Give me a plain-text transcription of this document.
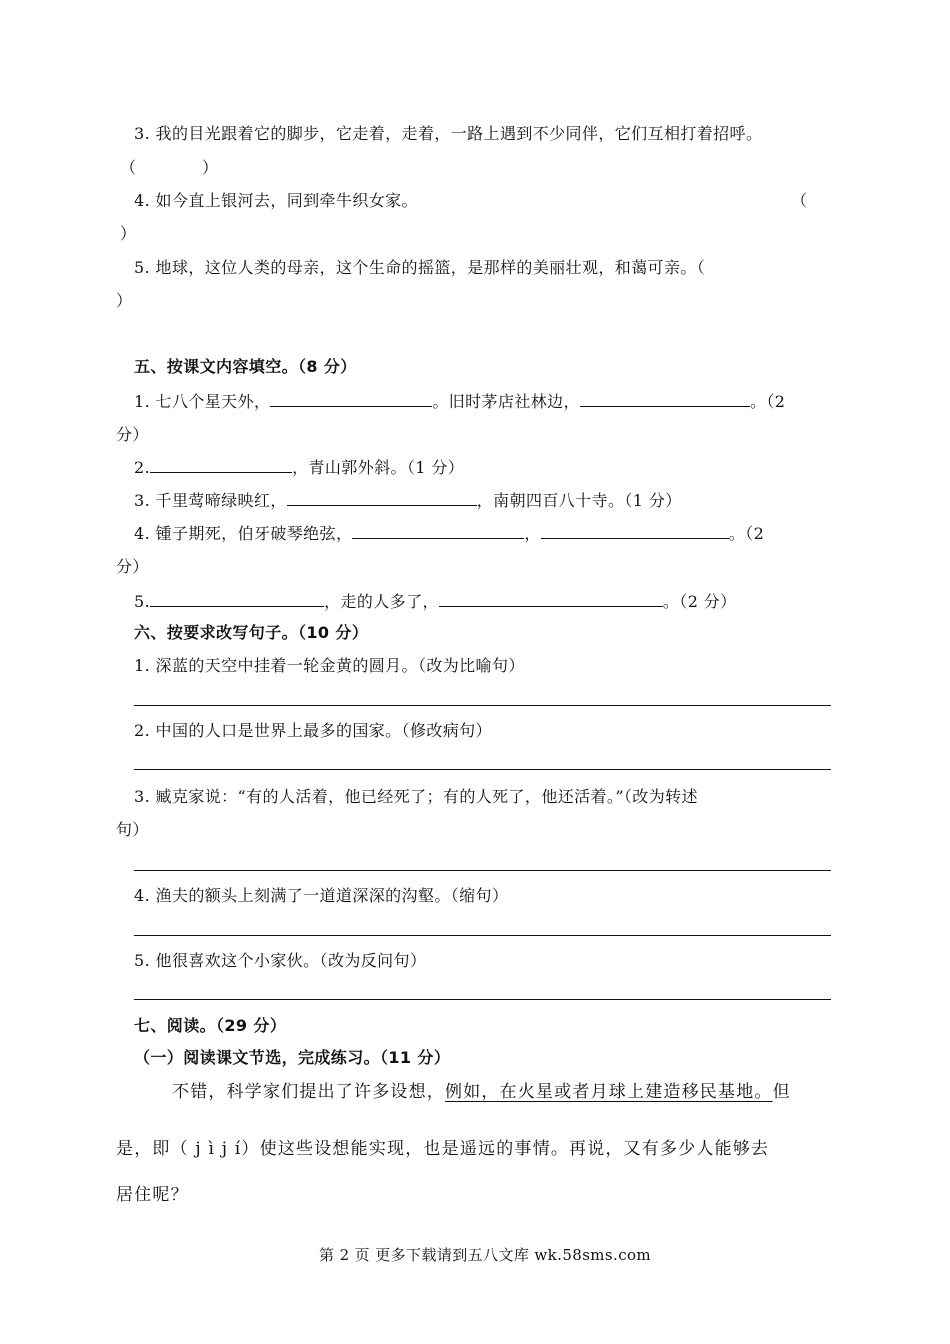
3. 我的目光跟着它的脚步，它走着，走着，一路上遇到不少同伴，它们互相打着招呼。
（　　　　）
4. 如今直上银河去，同到牵牛织女家。	（
）
5. 地球，这位人类的母亲，这个生命的摇篮，是那样的美丽壮观，和蔼可亲。（
）
五、按课文内容填空。（8 分）
1. 七八个星天外，	。旧时茅店社林边，	。（2
分）
2.	，青山郭外斜。（1 分）
3. 千里莺啼绿映红，	，南朝四百八十寺。（1 分）
4. 锺子期死，伯牙破琴绝弦，	，	。（2
分）
5.	，走的人多了，	。（2 分）
六、按要求改写句子。（10 分）
1. 深蓝的天空中挂着一轮金黄的圆月。（改为比喻句）
2. 中国的人口是世界上最多的国家。（修改病句）
3. 臧克家说：“有的人活着，他已经死了；有的人死了，他还活着。”（改为转述
句）
4. 渔夫的额头上刻满了一道道深深的沟壑。（缩句）
5. 他很喜欢这个小家伙。（改为反问句）
七、阅读。（29 分）
（一）阅读课文节选，完成练习。（11 分）
不错，科学家们提出了许多设想，例如，在火星或者月球上建造移民基地。但
是，即（ j ì j í）使这些设想能实现，也是遥远的事情。再说，又有多少人能够去
居住呢？
第 2 页 更多下载请到五八文库 wk.58sms.com
